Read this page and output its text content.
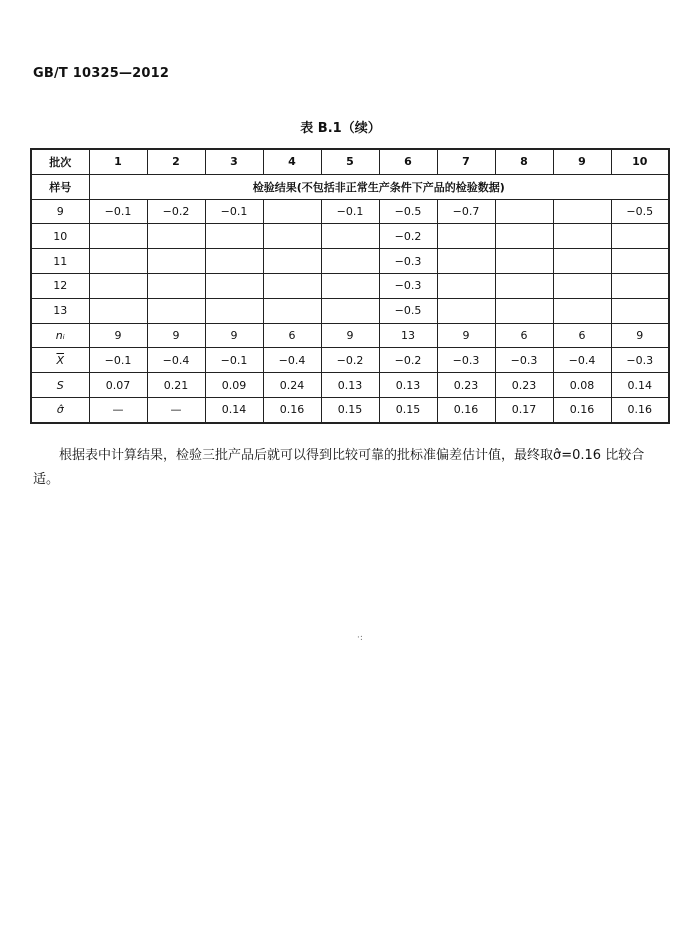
GB/T 10325—2012
表 B.1（续）
批次	1	2	3	4	5	6	7	8	9	10
样号	检验结果(不包括非正常生产条件下产品的检验数据)									
9	−0.1	−0.2	−0.1		−0.1	−0.5	−0.7			−0.5
10						−0.2				
11						−0.3				
12						−0.3				
13						−0.5				
nᵢ	9	9	9	6	9	13	9	6	6	9
$\overline{X}$	−0.1	−0.4	−0.1	−0.4	−0.2	−0.2	−0.3	−0.3	−0.4	−0.3
S	0.07	0.21	0.09	0.24	0.13	0.13	0.23	0.23	0.08	0.14
σ̂	—	—	0.14	0.16	0.15	0.15	0.16	0.17	0.16	0.16
根据表中计算结果，检验三批产品后就可以得到比较可靠的批标准偏差估计值，最终取σ̂=0.16 比较合适。
·:
